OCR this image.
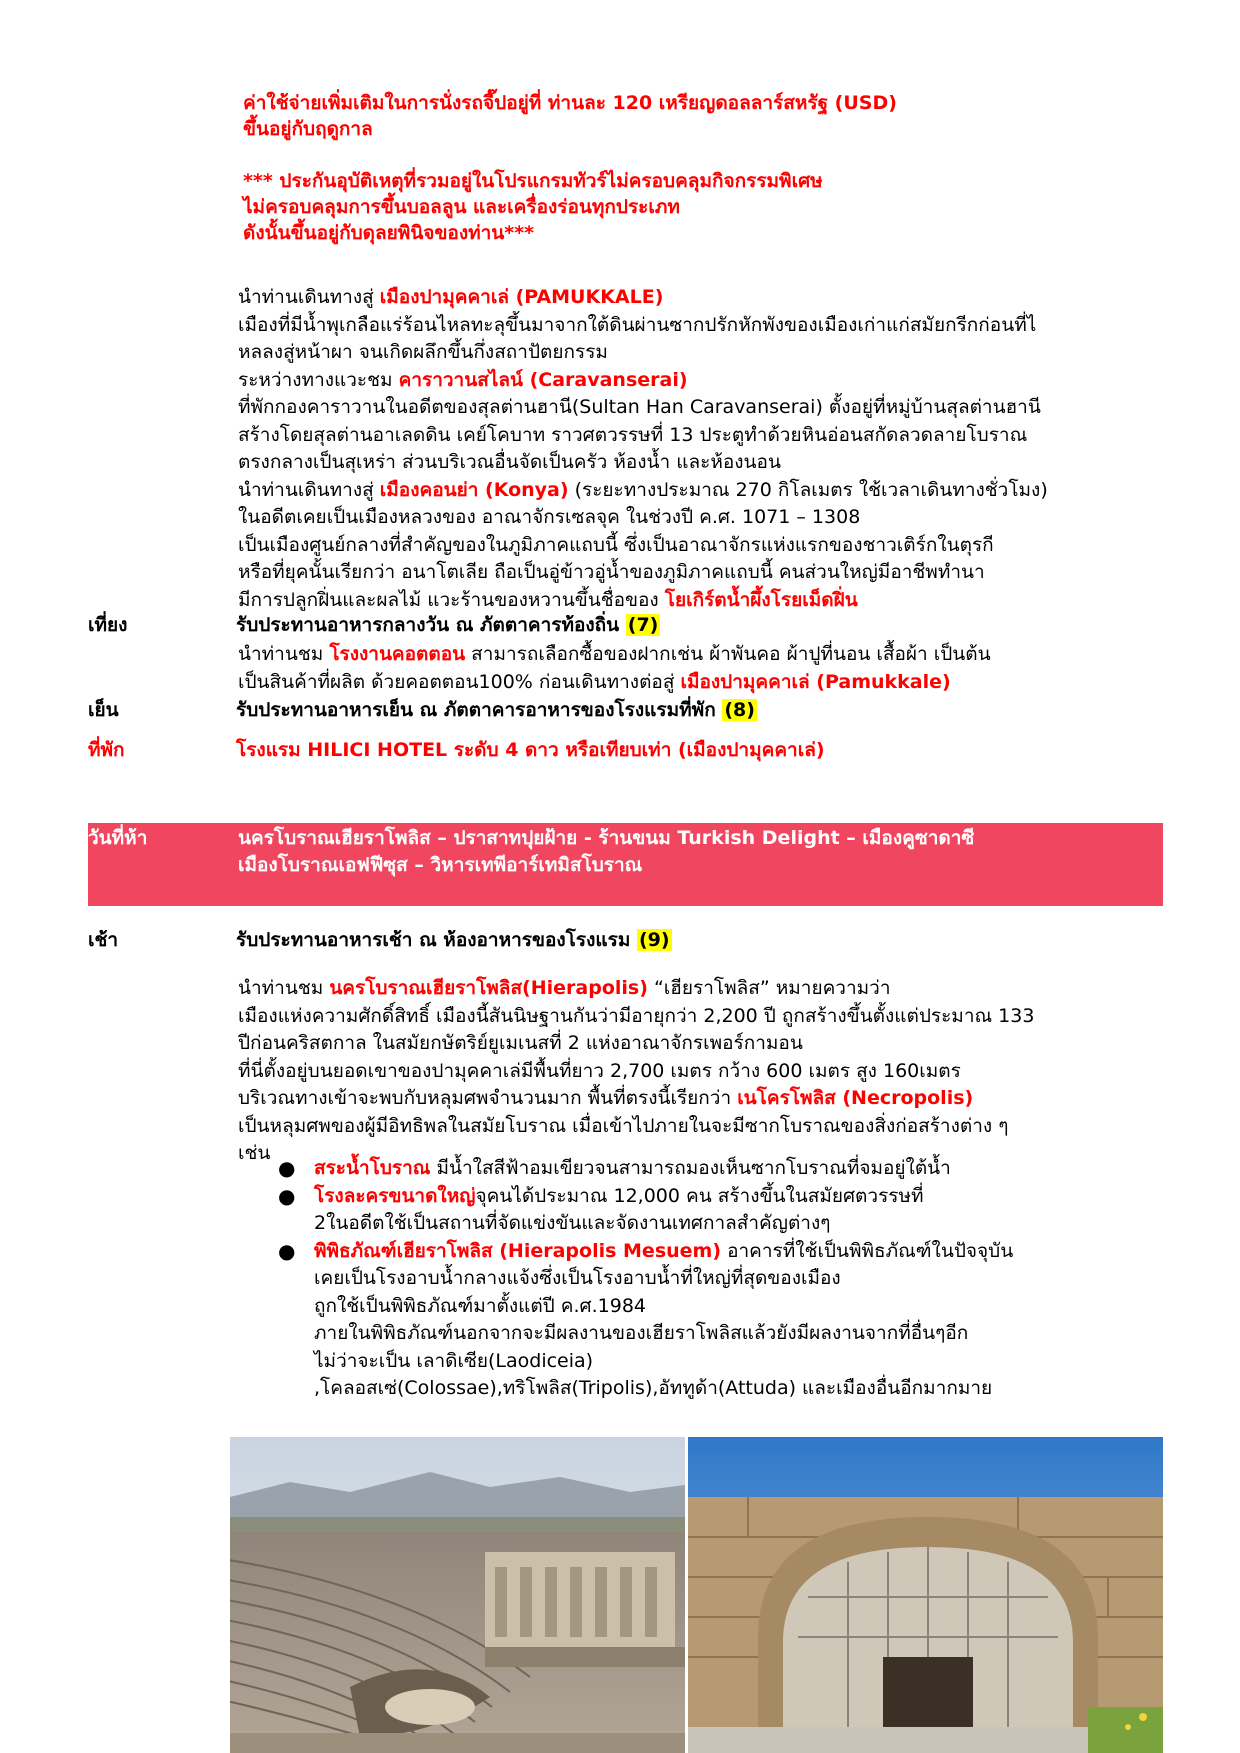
ค่าใช้จ่ายเพิ่มเติมในการนั่งรถจี๊ปอยู่ที่ ท่านละ 120 เหรียญดอลลาร์สหรัฐ (USD)

ขึ้นอยู่กับฤดูกาล

*** ประกันอุบัติเหตุที่รวมอยู่ในโปรแกรมทัวร์ไม่ครอบคลุมกิจกรรมพิเศษ

ไม่ครอบคลุมการขึ้นบอลลูน และเครื่องร่อนทุกประเภท

ดังนั้นขึ้นอยู่กับดุลยพินิจของท่าน***

นำท่านเดินทางสู่ เมืองปามุคคาเล่ (PAMUKKALE)

เมืองที่มีน้ำพุเกลือแร่ร้อนไหลทะลุขึ้นมาจากใต้ดินผ่านซากปรักหักพังของเมืองเก่าแก่สมัยกรีกก่อนที่ไ

หลลงสู่หน้าผา จนเกิดผลึกขึ้นกึ่งสถาปัตยกรรม

ระหว่างทางแวะชม คาราวานสไลน์ (Caravanserai)

ที่พักกองคาราวานในอดีตของสุลต่านฮานี(Sultan Han Caravanserai) ตั้งอยู่ที่หมู่บ้านสุลต่านฮานี

สร้างโดยสุลต่านอาเลดดิน เคย์โคบาท ราวศตวรรษที่ 13 ประตูทำด้วยหินอ่อนสกัดลวดลายโบราณ

ตรงกลางเป็นสุเหร่า ส่วนบริเวณอื่นจัดเป็นครัว ห้องน้ำ และห้องนอน

นำท่านเดินทางสู่ เมืองคอนย่า (Konya) (ระยะทางประมาณ 270 กิโลเมตร ใช้เวลาเดินทางชั่วโมง)

ในอดีตเคยเป็นเมืองหลวงของ อาณาจักรเซลจุค ในช่วงปี ค.ศ. 1071 – 1308

เป็นเมืองศูนย์กลางที่สำคัญของในภูมิภาคแถบนี้ ซึ่งเป็นอาณาจักรแห่งแรกของชาวเติร์กในตุรกี

หรือที่ยุคนั้นเรียกว่า อนาโตเลีย ถือเป็นอู่ข้าวอู่น้ำของภูมิภาคแถบนี้ คนส่วนใหญ่มีอาชีพทำนา

มีการปลูกฝิ่นและผลไม้ แวะร้านของหวานขึ้นชื่อของ โยเกิร์ตน้ำผึ้งโรยเม็ดฝิ่น

เที่ยง	รับประทานอาหารกลางวัน ณ ภัตตาคารท้องถิ่น (7)

นำท่านชม โรงงานคอตตอน สามารถเลือกซื้อของฝากเช่น ผ้าพันคอ ผ้าปูที่นอน เสื้อผ้า เป็นต้น

เป็นสินค้าที่ผลิต ด้วยคอตตอน100% ก่อนเดินทางต่อสู่ เมืองปามุคคาเล่ (Pamukkale)

เย็น	รับประทานอาหารเย็น ณ ภัตตาคารอาหารของโรงแรมที่พัก (8)
ที่พัก	โรงแรม HILICI HOTEL ระดับ 4 ดาว หรือเทียบเท่า (เมืองปามุคคาเล่)
วันที่ห้า	นครโบราณเฮียราโพลิส – ปราสาทปุยฝ้าย - ร้านขนม Turkish Delight – เมืองคูซาดาซี

เมืองโบราณเอฟฟีซุส – วิหารเทพีอาร์เทมิสโบราณ

เช้า	รับประทานอาหารเช้า ณ ห้องอาหารของโรงแรม (9)

นำท่านชม นครโบราณเฮียราโพลิส(Hierapolis) “เฮียราโพลิส” หมายความว่า

เมืองแห่งความศักดิ์สิทธิ์ เมืองนี้สันนิษฐานกันว่ามีอายุกว่า 2,200 ปี ถูกสร้างขึ้นตั้งแต่ประมาณ 133

ปีก่อนคริสตกาล ในสมัยกษัตริย์ยูเมเนสที่ 2 แห่งอาณาจักรเพอร์กามอน

ที่นี่ตั้งอยู่บนยอดเขาของปามุคคาเล่มีพื้นที่ยาว 2,700 เมตร กว้าง 600 เมตร สูง 160เมตร

บริเวณทางเข้าจะพบกับหลุมศพจำนวนมาก พื้นที่ตรงนี้เรียกว่า เนโครโพลิส (Necropolis)

เป็นหลุมศพของผู้มีอิทธิพลในสมัยโบราณ เมื่อเข้าไปภายในจะมีซากโบราณของสิ่งก่อสร้างต่าง ๆ

เช่น

● สระน้ำโบราณ มีน้ำใสสีฟ้าอมเขียวจนสามารถมองเห็นซากโบราณที่จมอยู่ใต้น้ำ

● โรงละครขนาดใหญ่จุคนได้ประมาณ 12,000 คน สร้างขึ้นในสมัยศตวรรษที่

2ในอดีตใช้เป็นสถานที่จัดแข่งขันและจัดงานเทศกาลสำคัญต่างๆ

● พิพิธภัณฑ์เฮียราโพลิส (Hierapolis Mesuem) อาคารที่ใช้เป็นพิพิธภัณฑ์ในปัจจุบัน

เคยเป็นโรงอาบน้ำกลางแจ้งซึ่งเป็นโรงอาบน้ำที่ใหญ่ที่สุดของเมือง

ถูกใช้เป็นพิพิธภัณฑ์มาตั้งแต่ปี ค.ศ.1984

ภายในพิพิธภัณฑ์นอกจากจะมีผลงานของเฮียราโพลิสแล้วยังมีผลงานจากที่อื่นๆอีก

ไม่ว่าจะเป็น เลาดิเซีย(Laodiceia)

,โคลอสเซ่(Colossae),ทริโพลิส(Tripolis),อัททูด้า(Attuda) และเมืองอื่นอีกมากมาย
